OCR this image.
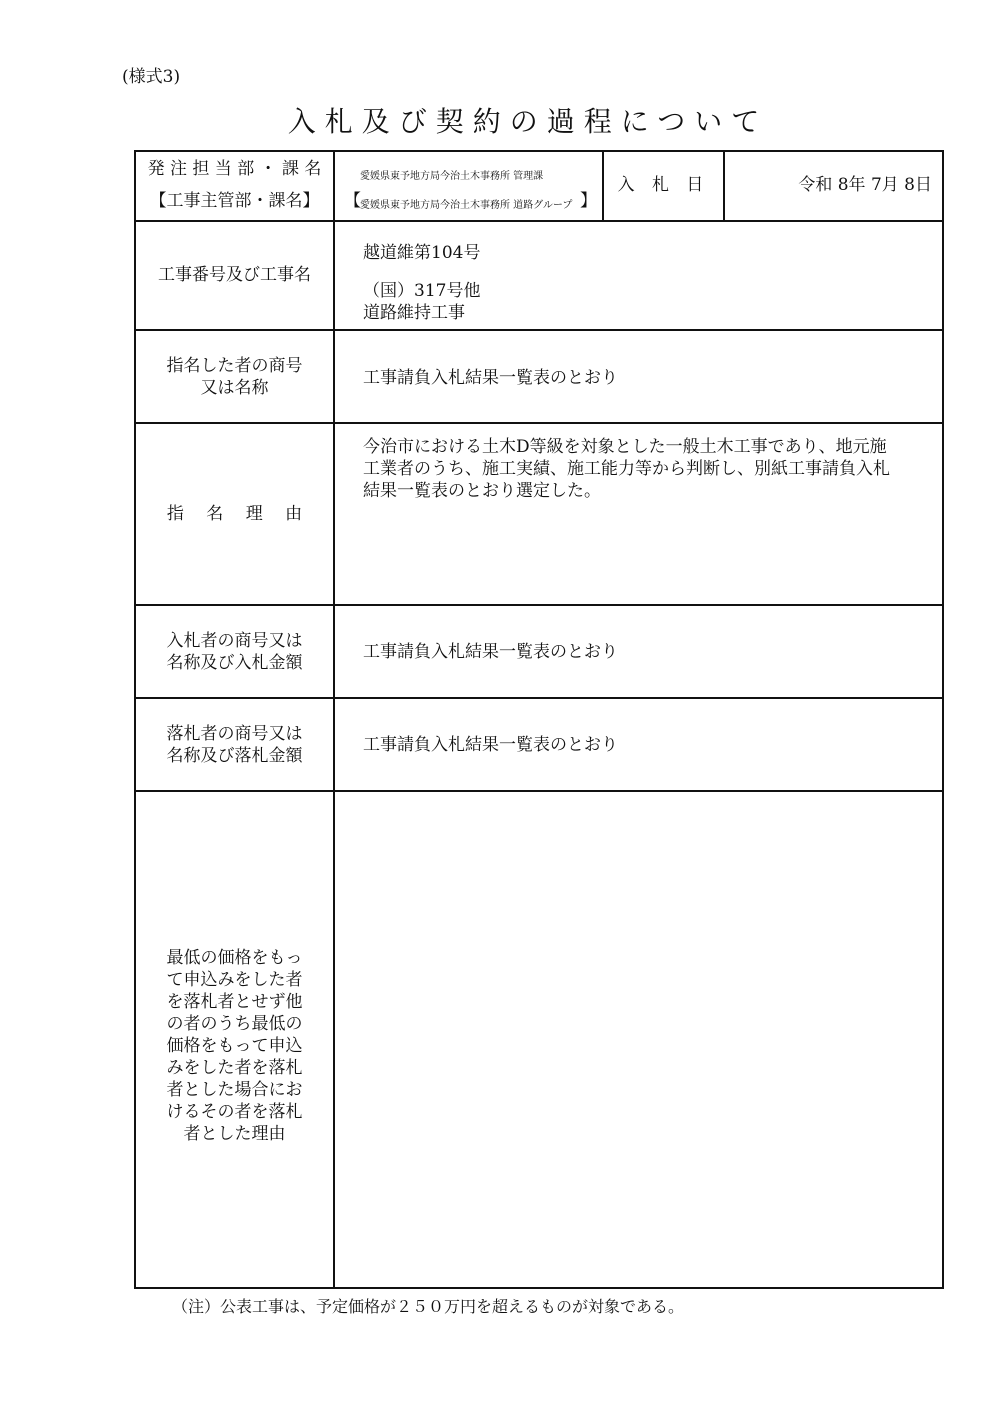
(様式3)
入札及び契約の過程について
発 注 担 当 部 ・ 課 名
【工事主管部・課名】
愛媛県東予地方局今治土木事務所 管理課
【 愛媛県東予地方局今治土木事務所 道路グループ 】
入 札 日	令和 8年 7月 8日
工事番号及び工事名
越道維第104号
（国）317号他
道路維持工事
指名した者の商号
又は名称	工事請負入札結果一覧表のとおり
指　 名　 理　 由
今治市における土木D等級を対象とした一般土木工事であり、地元施
工業者のうち、施工実績、施工能力等から判断し、別紙工事請負入札
結果一覧表のとおり選定した。
入札者の商号又は
名称及び入札金額
工事請負入札結果一覧表のとおり
落札者の商号又は
名称及び落札金額
工事請負入札結果一覧表のとおり
最低の価格をもっ
て申込みをした者
を落札者とせず他
の者のうち最低の
価格をもって申込
みをした者を落札
者とした場合にお
けるその者を落札
者とした理由
（注）公表工事は、予定価格が２５０万円を超えるものが対象である。
